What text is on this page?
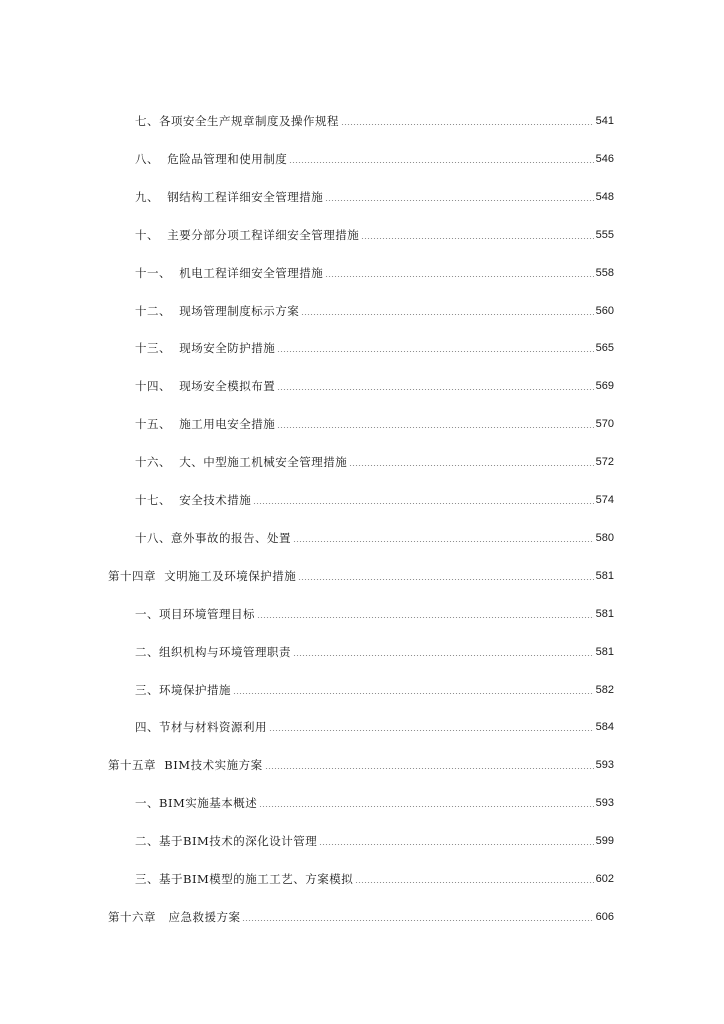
七、各项安全生产规章制度及操作规程	541
八、  危险品管理和使用制度	546
九、  钢结构工程详细安全管理措施	548
十、  主要分部分项工程详细安全管理措施	555
十一、  机电工程详细安全管理措施	558
十二、  现场管理制度标示方案	560
十三、  现场安全防护措施	565
十四、  现场安全模拟布置	569
十五、  施工用电安全措施	570
十六、  大、中型施工机械安全管理措施	572
十七、  安全技术措施	574
十八、意外事故的报告、处置	580
第十四章  文明施工及环境保护措施	581
一、项目环境管理目标	581
二、组织机构与环境管理职责	581
三、环境保护措施	582
四、节材与材料资源利用	584
第十五章  BIM技术实施方案	593
一、BIM实施基本概述	593
二、基于BIM技术的深化设计管理	599
三、基于BIM模型的施工工艺、方案模拟	602
第十六章   应急救援方案	606
